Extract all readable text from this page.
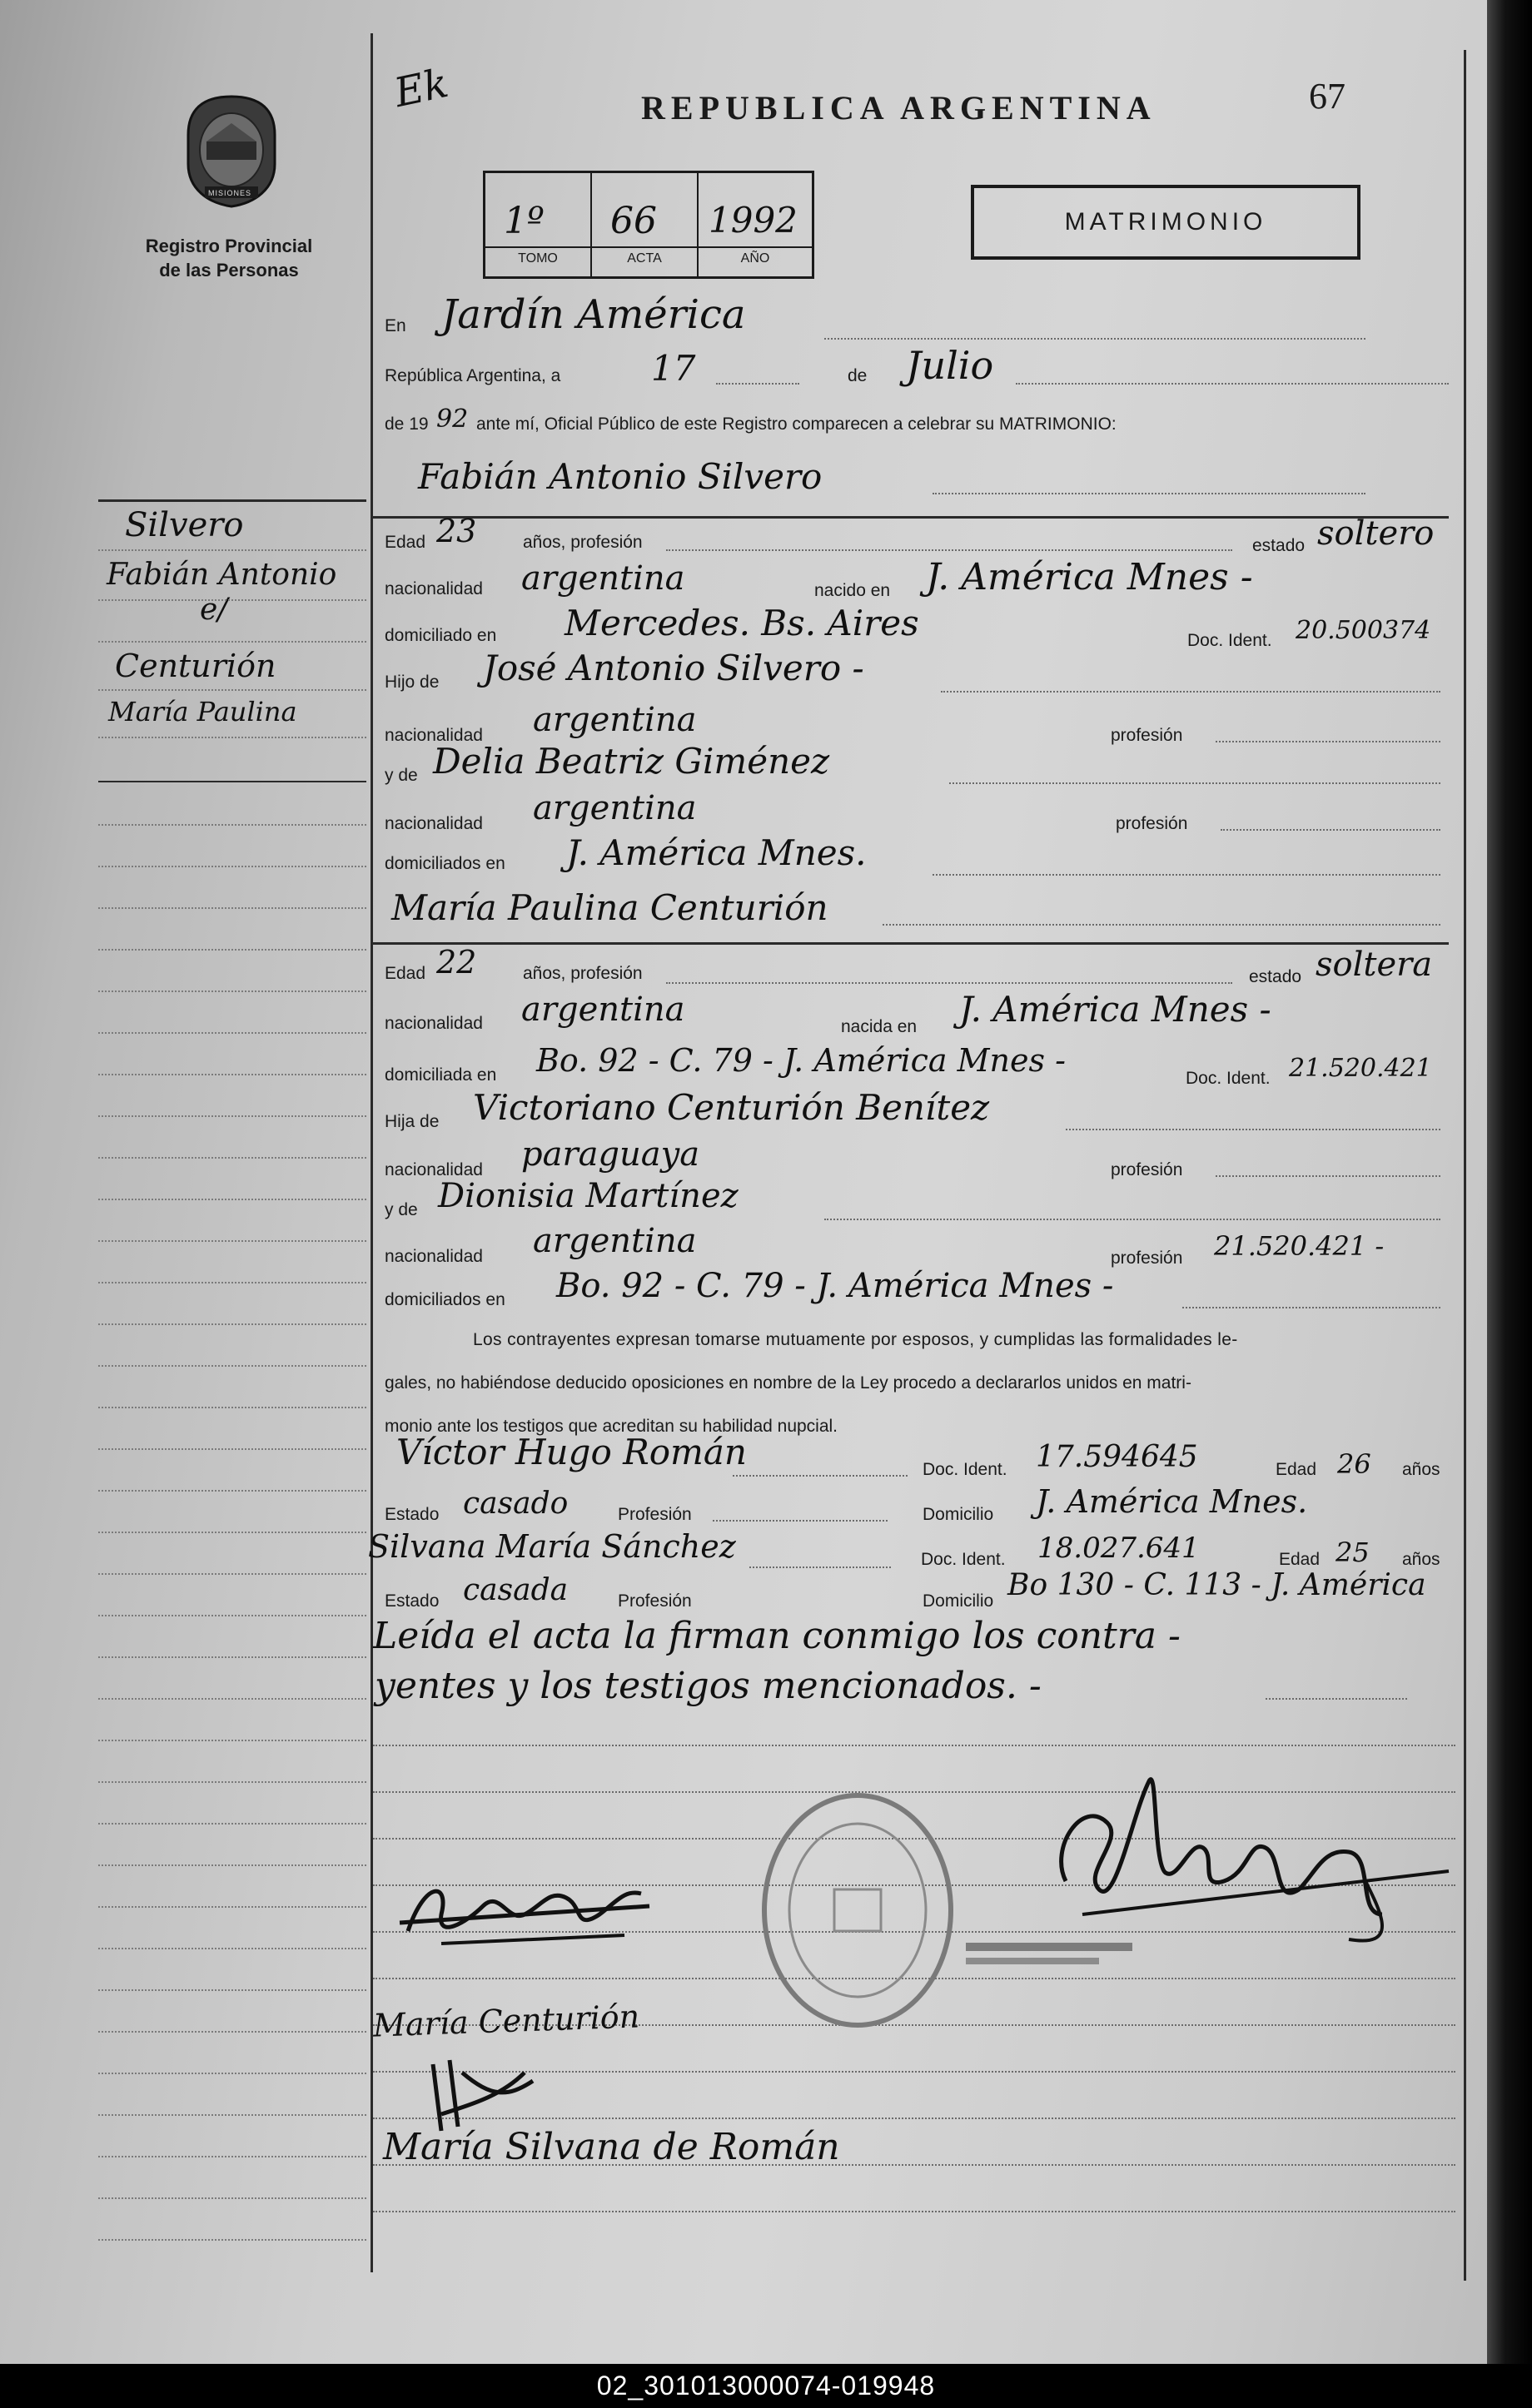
MISIONES
Registro Provincial
de las Personas
Silvero
Fabián Antonio
e/
Centurión
María Paulina
Ek	REPUBLICA ARGENTINA	67
1º
TOMO
66
ACTA
1992
AÑO
MATRIMONIO
En Jardín América
República Argentina, a	17	de Julio
de 19 92 ante mí, Oficial Público de este Registro comparecen a celebrar su MATRIMONIO:
Fabián Antonio Silvero
Edad 23	años, profesión	estado soltero
nacionalidad argentina	nacido en J. América Mnes -
domiciliado en Mercedes. Bs. Aires	Doc. Ident. 20.500374
Hijo de José Antonio Silvero -
nacionalidad argentina	profesión
y de Delia Beatriz Giménez
nacionalidad argentina	profesión
domiciliados en J. América Mnes.
María Paulina Centurión
Edad 22	años, profesión	estado soltera
nacionalidad argentina	nacida en J. América Mnes -
domiciliada en Bo. 92 - C. 79 - J. América Mnes -	Doc. Ident. 21.520.421
Hija de Victoriano Centurión Benítez
nacionalidad paraguaya	profesión
y de Dionisia Martínez
nacionalidad argentina	profesión 21.520.421 -
domiciliados en Bo. 92 - C. 79 - J. América Mnes -
Los contrayentes expresan tomarse mutuamente por esposos, y cumplidas las formalidades le-
gales, no habiéndose deducido oposiciones en nombre de la Ley procedo a declararlos unidos en matri-
monio ante los testigos que acreditan su habilidad nupcial.
Víctor Hugo Román	Doc. Ident. 17.594645	Edad 26 años
Estado casado	Profesión	Domicilio J. América Mnes.
Silvana María Sánchez	Doc. Ident. 18.027.641	Edad 25 años
Estado casada	Profesión	Domicilio Bo 130 - C. 113 - J. América
Leída el acta la firman conmigo los contra -
yentes y los testigos mencionados. -
María Centurión
María Silvana de Román
02_301013000074-019948
